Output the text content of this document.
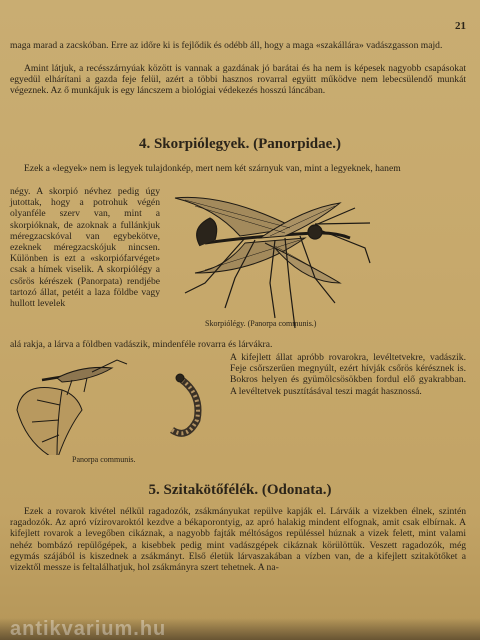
21
maga marad a zacskóban. Erre az időre ki is fejlődik és odébb áll, hogy a maga «szakállára» vadászgasson majd.
Amint látjuk, a recésszárnyúak között is vannak a gazdának jó barátai és ha nem is képesek nagyobb csapásokat egyedül elhárítani a gazda feje felül, azért a többi hasznos rovarral együtt működve nem lebecsülendő munkát végeznek. Az ő munkájuk is egy láncszem a biológiai védekezés hosszú láncában.
4. Skorpiólegyek. (Panorpidae.)
Ezek a «legyek» nem is legyek tulajdonkép, mert nem két szárnyuk van, mint a legyeknek, hanem
négy. A skorpió névhez pedig úgy jutottak, hogy a potrohuk végén olyanféle szerv van, mint a skorpióknak, de azoknak a fullánkjuk méregzacskóval van egybekötve, ezeknek méregzacskójuk nincsen. Különben is ezt a «skorpiófarvéget» csak a hímek viselik. A skorpiólégy a csőrös kérészek (Panorpata) rendjébe tartozó állat, petéit a laza földbe vagy hullott levelek
Skorpiólégy. (Panorpa communis.)
alá rakja, a lárva a földben vadászik, mindenféle rovarra és lárvákra.
A kifejlett állat apróbb rovarokra, levéltetvekre, vadászik. Feje csőrszerűen megnyúlt, ezért hívják csőrös kérésznek is. Bokros helyen és gyümölcsösökben fordul elő gyakrabban. A levéltetvek pusztításával teszi magát hasznossá.
Panorpa communis.
5. Szitakötőfélék. (Odonata.)
Ezek a rovarok kivétel nélkül ragadozók, zsákmányukat repülve kapják el. Lárváik a vizekben élnek, szintén ragadozók. Az apró vízirovaroktól kezdve a békaporontyig, az apró halakig mindent elfognak, amit csak elbírnak. A kifejlett rovarok a levegőben cikáznak, a nagyobb fajták méltóságos repüléssel húznak a vizek felett, mint valami nehéz bombázó repülőgépek, a kisebbek pedig mint vadászgépek cikáznak körülöttük. Veszett ragadozók, még egymás szájából is kiszednek a zsákmányt. Első életük lárvaszakában a vízben van, de a kifejlett szitakötőket a vizektől messze is feltalálhatjuk, hol zsákmányra szert tehetnek. A na-
antikvarium.hu
